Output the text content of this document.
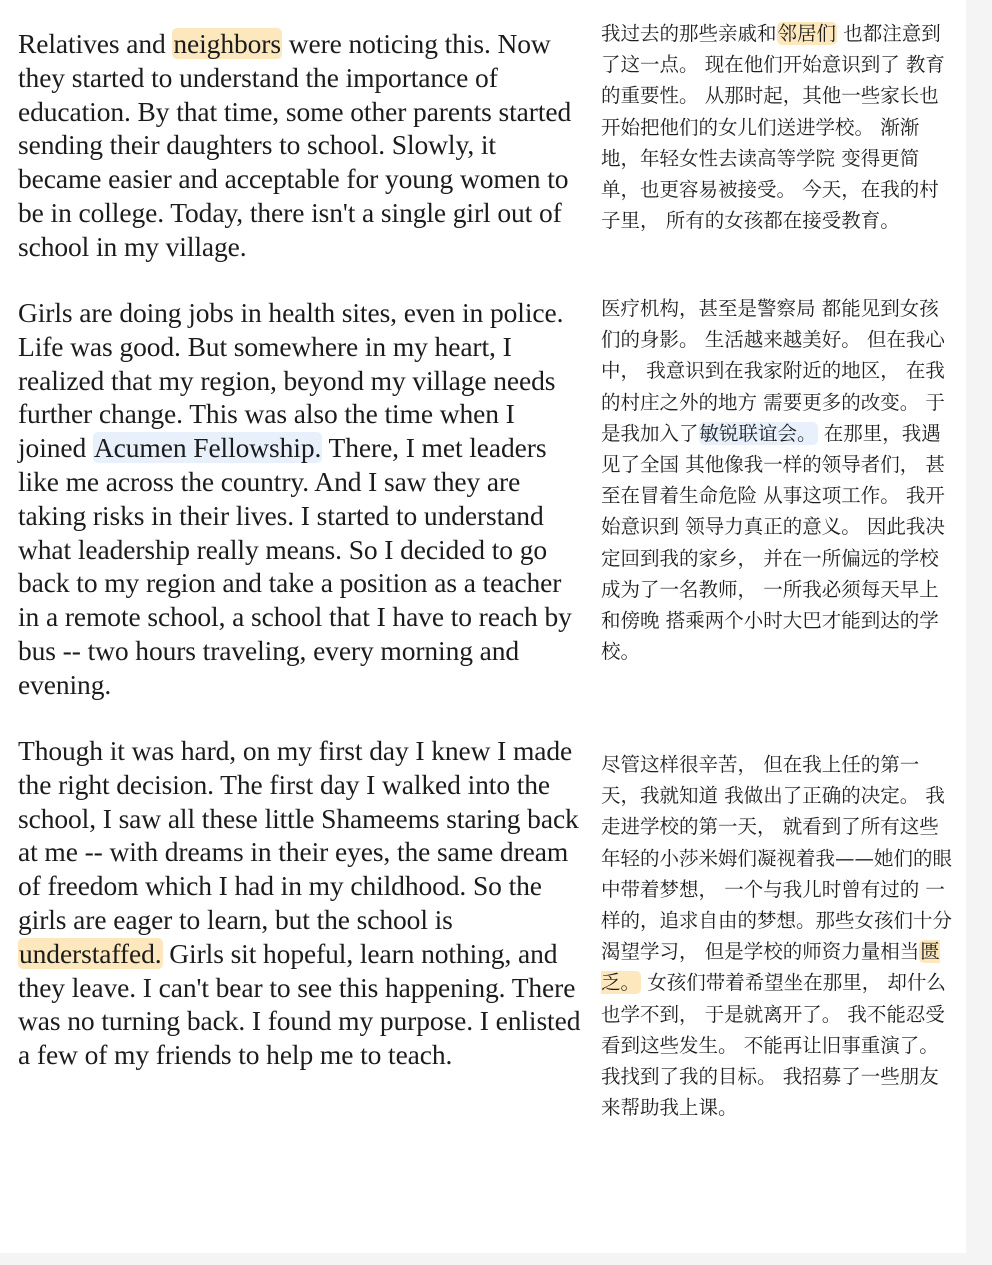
Relatives and neighbors were noticing this. Now they started to understand the importance of education. By that time, some other parents started sending their daughters to school. Slowly, it became easier and acceptable for young women to be in college. Today, there isn't a single girl out of school in my village.

Girls are doing jobs in health sites, even in police. Life was good. But somewhere in my heart, I realized that my region, beyond my village needs further change. This was also the time when I joined Acumen Fellowship. There, I met leaders like me across the country. And I saw they are taking risks in their lives. I started to understand what leadership really means. So I decided to go back to my region and take a position as a teacher in a remote school, a school that I have to reach by bus -- two hours traveling, every morning and evening.

Though it was hard, on my first day I knew I made the right decision. The first day I walked into the school, I saw all these little Shameems staring back at me -- with dreams in their eyes, the same dream of freedom which I had in my childhood. So the girls are eager to learn, but the school is understaffed. Girls sit hopeful, learn nothing, and they leave. I can't bear to see this happening. There was no turning back. I found my purpose. I enlisted a few of my friends to help me to teach.

我过去的那些亲戚和邻居们 也都注意到了这一点。 现在他们开始意识到了 教育的重要性。 从那时起，其他一些家长也 开始把他们的女儿们送进学校。 渐渐地，年轻女性去读高等学院 变得更简单，也更容易被接受。 今天，在我的村子里， 所有的女孩都在接受教育。

医疗机构，甚至是警察局 都能见到女孩们的身影。 生活越来越美好。 但在我心中， 我意识到在我家附近的地区， 在我的村庄之外的地方 需要更多的改变。 于是我加入了敏锐联谊会。 在那里，我遇见了全国 其他像我一样的领导者们， 甚至在冒着生命危险 从事这项工作。 我开始意识到 领导力真正的意义。 因此我决定回到我的家乡， 并在一所偏远的学校 成为了一名教师， 一所我必须每天早上和傍晚 搭乘两个小时大巴才能到达的学校。

尽管这样很辛苦， 但在我上任的第一天，我就知道 我做出了正确的决定。 我走进学校的第一天， 就看到了所有这些 年轻的小莎米姆们凝视着我——她们的眼中带着梦想， 一个与我儿时曾有过的 一样的，追求自由的梦想。那些女孩们十分渴望学习， 但是学校的师资力量相当匮乏。 女孩们带着希望坐在那里， 却什么也学不到， 于是就离开了。 我不能忍受看到这些发生。 不能再让旧事重演了。 我找到了我的目标。 我招募了一些朋友来帮助我上课。
